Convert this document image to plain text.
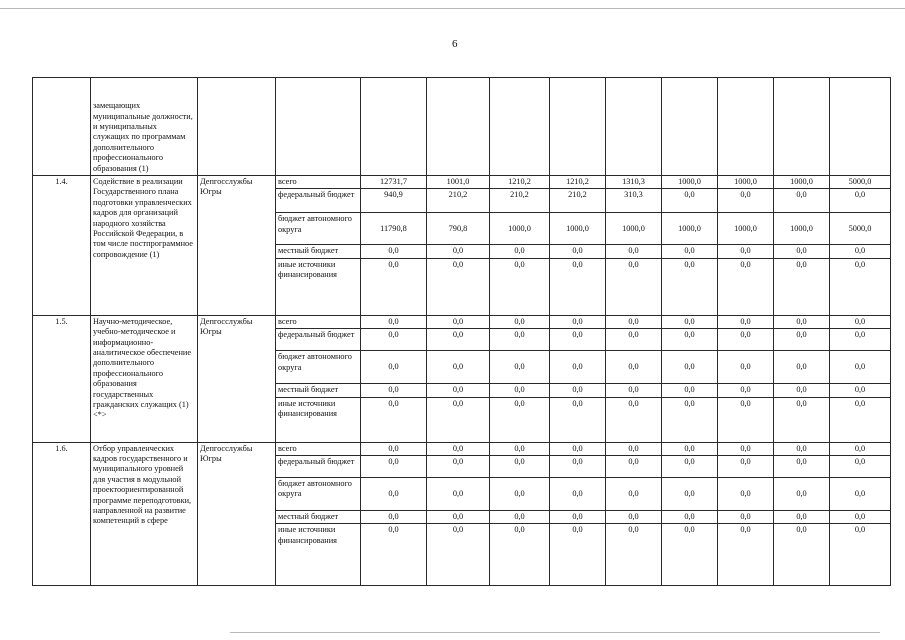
6
	замещающих муниципальные должности, и муниципальных служащих по программам дополнительного профессионального образования (1)											
1.4.	Содействие в реализации Государственного плана подготовки управленческих кадров для организаций народного хозяйства Российской Федерации, в том числе постпрограммное сопровождение (1)	Депгосслужбы Югры	всего	12731,7	1001,0	1210,2	1210,2	1310,3	1000,0	1000,0	1000,0	5000,0
			федеральный бюджет	940,9	210,2	210,2	210,2	310,3	0,0	0,0	0,0	0,0
			бюджет автономного округа	11790,8	790,8	1000,0	1000,0	1000,0	1000,0	1000,0	1000,0	5000,0
			местный бюджет	0,0	0,0	0,0	0,0	0,0	0,0	0,0	0,0	0,0
			иные источники финансирования	0,0	0,0	0,0	0,0	0,0	0,0	0,0	0,0	0,0
1.5.	Научно-методическое, учебно-методическое и информационно-аналитическое обеспечение дополнительного профессионального образования государственных гражданских служащих (1) <*>	Депгосслужбы Югры	всего	0,0	0,0	0,0	0,0	0,0	0,0	0,0	0,0	0,0
			федеральный бюджет	0,0	0,0	0,0	0,0	0,0	0,0	0,0	0,0	0,0
			бюджет автономного округа	0,0	0,0	0,0	0,0	0,0	0,0	0,0	0,0	0,0
			местный бюджет	0,0	0,0	0,0	0,0	0,0	0,0	0,0	0,0	0,0
			иные источники финансирования	0,0	0,0	0,0	0,0	0,0	0,0	0,0	0,0	0,0
1.6.	Отбор управленческих кадров государственного и муниципального уровней для участия в модульной проектоориентированной программе переподготовки, направленной на развитие компетенций в сфере	Депгосслужбы Югры	всего	0,0	0,0	0,0	0,0	0,0	0,0	0,0	0,0	0,0
			федеральный бюджет	0,0	0,0	0,0	0,0	0,0	0,0	0,0	0,0	0,0
			бюджет автономного округа	0,0	0,0	0,0	0,0	0,0	0,0	0,0	0,0	0,0
			местный бюджет	0,0	0,0	0,0	0,0	0,0	0,0	0,0	0,0	0,0
			иные источники финансирования	0,0	0,0	0,0	0,0	0,0	0,0	0,0	0,0	0,0
